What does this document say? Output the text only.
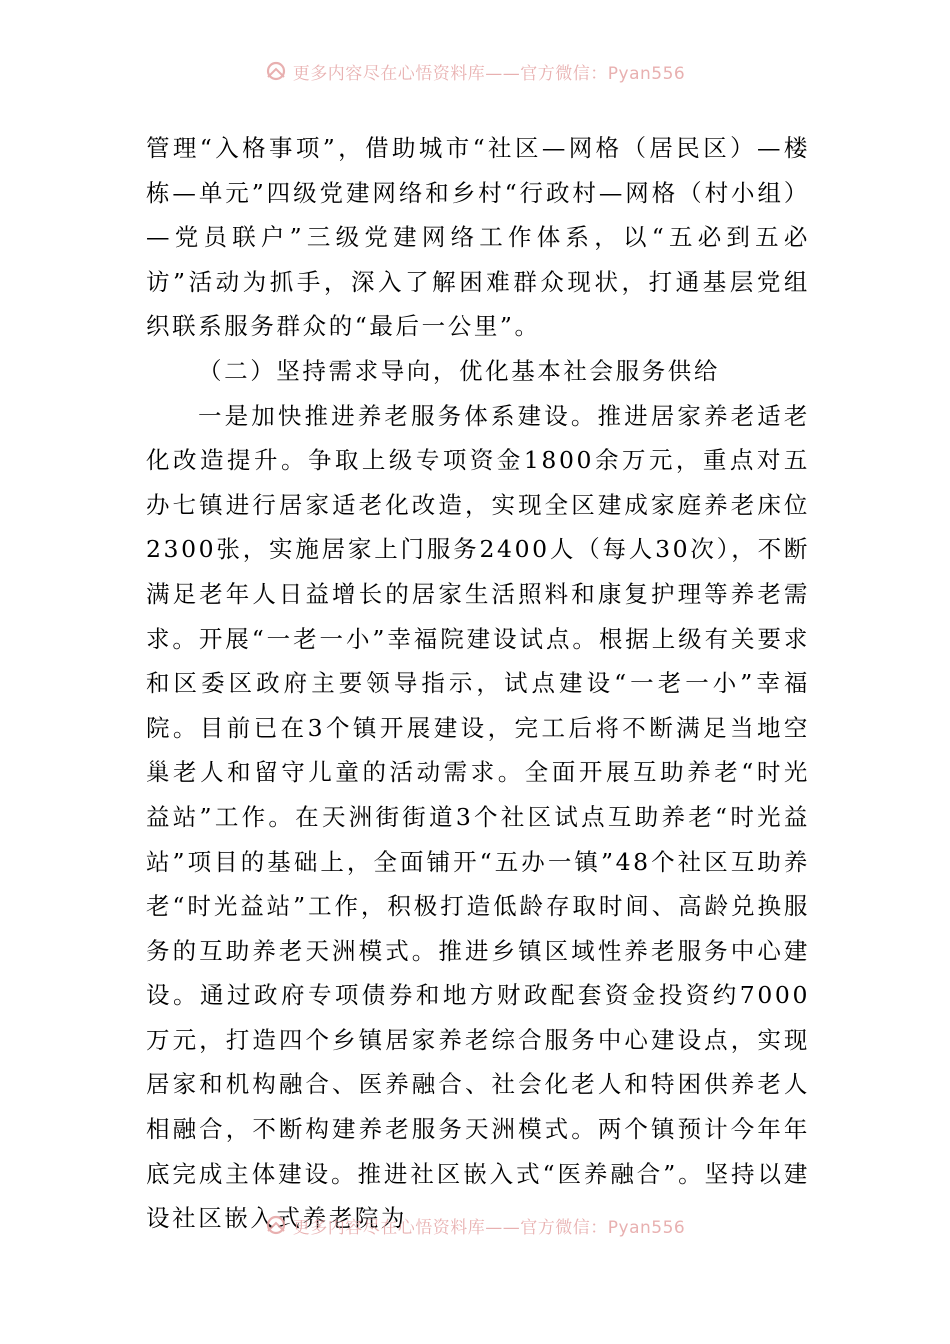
更多内容尽在心悟资料库——官方微信：Pyan556

管理“入格事项”，借助城市“社区—网格（居民区）—楼栋—单元”四级党建网络和乡村“行政村—网格（村小组）—党员联户”三级党建网络工作体系，以“五必到五必访”活动为抓手，深入了解困难群众现状，打通基层党组织联系服务群众的“最后一公里”。

（二）坚持需求导向，优化基本社会服务供给

一是加快推进养老服务体系建设。推进居家养老适老化改造提升。争取上级专项资金1800余万元，重点对五办七镇进行居家适老化改造，实现全区建成家庭养老床位2300张，实施居家上门服务2400人（每人30次），不断满足老年人日益增长的居家生活照料和康复护理等养老需求。开展“一老一小”幸福院建设试点。根据上级有关要求和区委区政府主要领导指示，试点建设“一老一小”幸福院。目前已在3个镇开展建设，完工后将不断满足当地空巢老人和留守儿童的活动需求。全面开展互助养老“时光益站”工作。在天洲街街道3个社区试点互助养老“时光益站”项目的基础上，全面铺开“五办一镇”48个社区互助养老“时光益站”工作，积极打造低龄存取时间、高龄兑换服务的互助养老天洲模式。推进乡镇区域性养老服务中心建设。通过政府专项债券和地方财政配套资金投资约7000万元，打造四个乡镇居家养老综合服务中心建设点，实现居家和机构融合、医养融合、社会化老人和特困供养老人相融合，不断构建养老服务天洲模式。两个镇预计今年年底完成主体建设。推进社区嵌入式“医养融合”。坚持以建设社区嵌入式养老院为

更多内容尽在心悟资料库——官方微信：Pyan556
